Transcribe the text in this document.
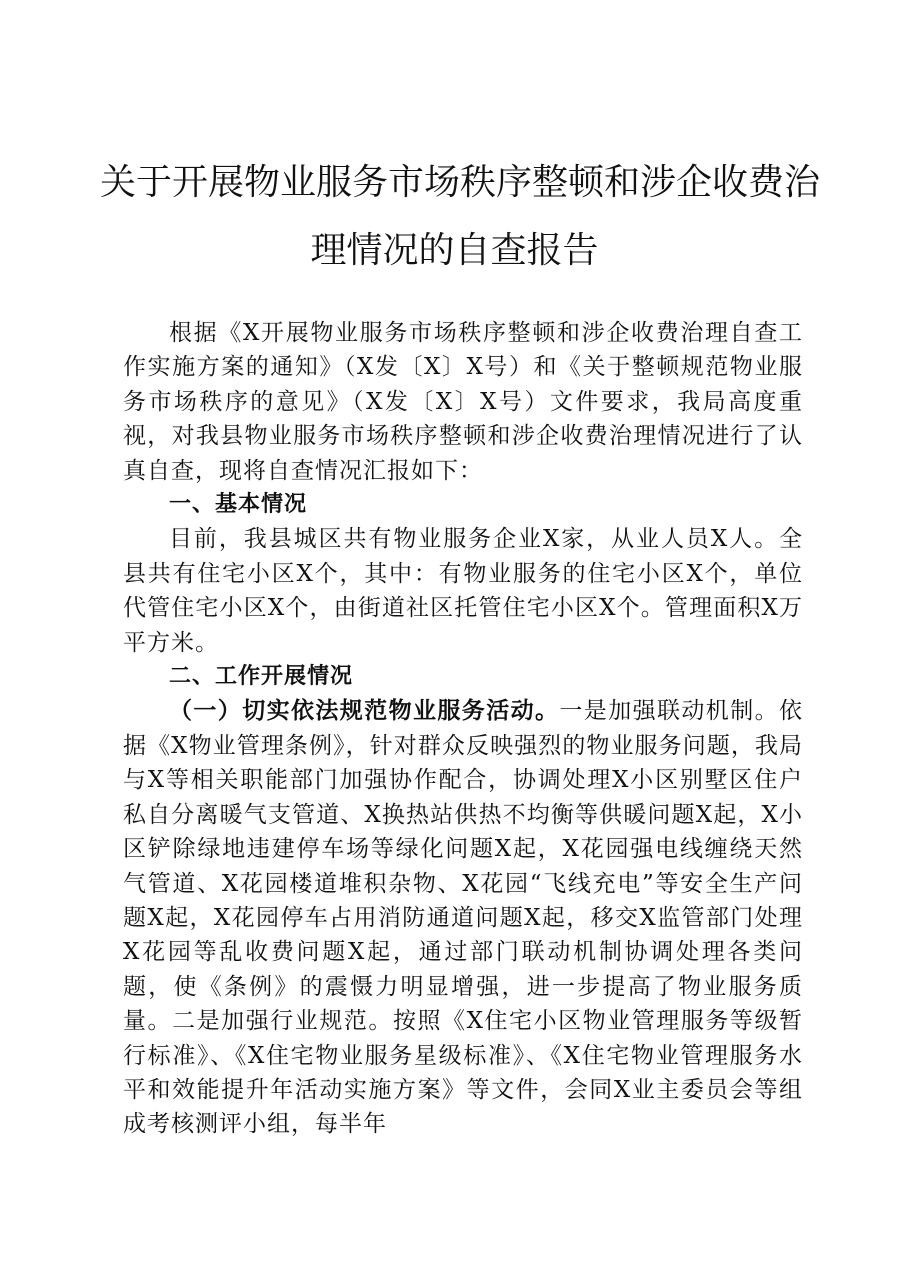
关于开展物业服务市场秩序整顿和涉企收费治
理情况的自查报告

根据《X开展物业服务市场秩序整顿和涉企收费治理自查工作实施方案的通知》（X发〔X〕X号）和《关于整顿规范物业服务市场秩序的意见》（X发〔X〕X号）文件要求，我局高度重视，对我县物业服务市场秩序整顿和涉企收费治理情况进行了认真自查，现将自查情况汇报如下：

一、基本情况

目前，我县城区共有物业服务企业X家，从业人员X人。全县共有住宅小区X个，其中：有物业服务的住宅小区X个，单位代管住宅小区X个，由街道社区托管住宅小区X个。管理面积X万平方米。

二、工作开展情况

（一）切实依法规范物业服务活动。一是加强联动机制。依据《X物业管理条例》，针对群众反映强烈的物业服务问题，我局与X等相关职能部门加强协作配合，协调处理X小区别墅区住户私自分离暖气支管道、X换热站供热不均衡等供暖问题X起，X小区铲除绿地违建停车场等绿化问题X起，X花园强电线缠绕天然气管道、X花园楼道堆积杂物、X花园“飞线充电”等安全生产问题X起，X花园停车占用消防通道问题X起，移交X监管部门处理X花园等乱收费问题X起，通过部门联动机制协调处理各类问题，使《条例》的震慑力明显增强，进一步提高了物业服务质量。二是加强行业规范。按照《X住宅小区物业管理服务等级暂行标准》、《X住宅物业服务星级标准》、《X住宅物业管理服务水平和效能提升年活动实施方案》等文件，会同X业主委员会等组成考核测评小组，每半年
